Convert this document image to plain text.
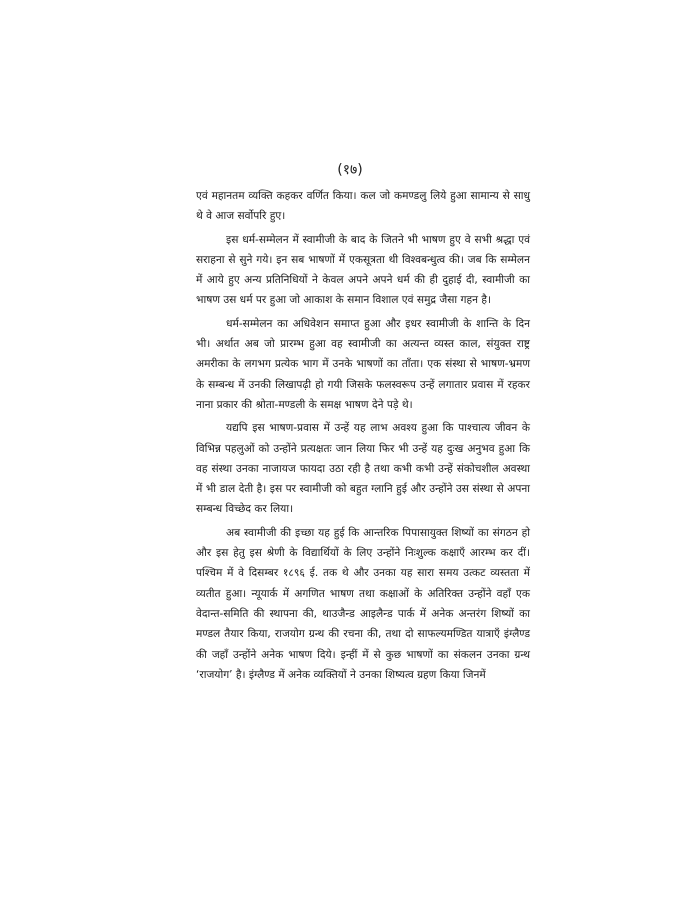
(१७)

एवं महानतम व्यक्ति कहकर वर्णित किया। कल जो कमण्डलु लिये हुआ सामान्य से साधु थे वे आज सर्वोपरि हुए।

इस धर्म-सम्मेलन में स्वामीजी के बाद के जितने भी भाषण हुए वे सभी श्रद्धा एवं सराहना से सुने गये। इन सब भाषणों में एकसूत्रता थी विश्वबन्धुत्व की। जब कि सम्मेलन में आये हुए अन्य प्रतिनिधियों ने केवल अपने अपने धर्म की ही दुहाई दी, स्वामीजी का भाषण उस धर्म पर हुआ जो आकाश के समान विशाल एवं समुद्र जैसा गहन है।

धर्म-सम्मेलन का अधिवेशन समाप्त हुआ और इधर स्वामीजी के शान्ति के दिन भी। अर्थात अब जो प्रारम्भ हुआ वह स्वामीजी का अत्यन्त व्यस्त काल, संयुक्त राष्ट्र अमरीका के लगभग प्रत्येक भाग में उनके भाषणों का ताँता। एक संस्था से भाषण-भ्रमण के सम्बन्ध में उनकी लिखापढ़ी हो गयी जिसके फलस्वरूप उन्हें लगातार प्रवास में रहकर नाना प्रकार की श्रोता-मण्डली के समक्ष भाषण देने पड़े थे।

यद्यपि इस भाषण-प्रवास में उन्हें यह लाभ अवश्य हुआ कि पाश्चात्य जीवन के विभिन्न पहलुओं को उन्होंने प्रत्यक्षतः जान लिया फिर भी उन्हें यह दुःख अनुभव हुआ कि वह संस्था उनका नाजायज फायदा उठा रही है तथा कभी कभी उन्हें संकोचशील अवस्था में भी डाल देती है। इस पर स्वामीजी को बहुत ग्लानि हुई और उन्होंने उस संस्था से अपना सम्बन्ध विच्छेद कर लिया।

अब स्वामीजी की इच्छा यह हुई कि आन्तरिक पिपासायुक्त शिष्यों का संगठन हो और इस हेतु इस श्रेणी के विद्यार्थियों के लिए उन्होंने निःशुल्क कक्षाएँ आरम्भ कर दीं। पश्चिम में वे दिसम्बर १८९६ ई. तक थे और उनका यह सारा समय उत्कट व्यस्तता में व्यतीत हुआ। न्यूयार्क में अगणित भाषण तथा कक्षाओं के अतिरिक्त उन्होंने वहाँ एक वेदान्त-समिति की स्थापना की, थाउजैन्ड आइलैन्ड पार्क में अनेक अन्तरंग शिष्यों का मण्डल तैयार किया, राजयोग ग्रन्थ की रचना की, तथा दो साफल्यमण्डित यात्राएँ इंग्लैण्ड की जहाँ उन्होंने अनेक भाषण दिये। इन्हीं में से कुछ भाषणों का संकलन उनका ग्रन्थ ‘राजयोग’ है। इंग्लैण्ड में अनेक व्यक्तियों ने उनका शिष्यत्व ग्रहण किया जिनमें
